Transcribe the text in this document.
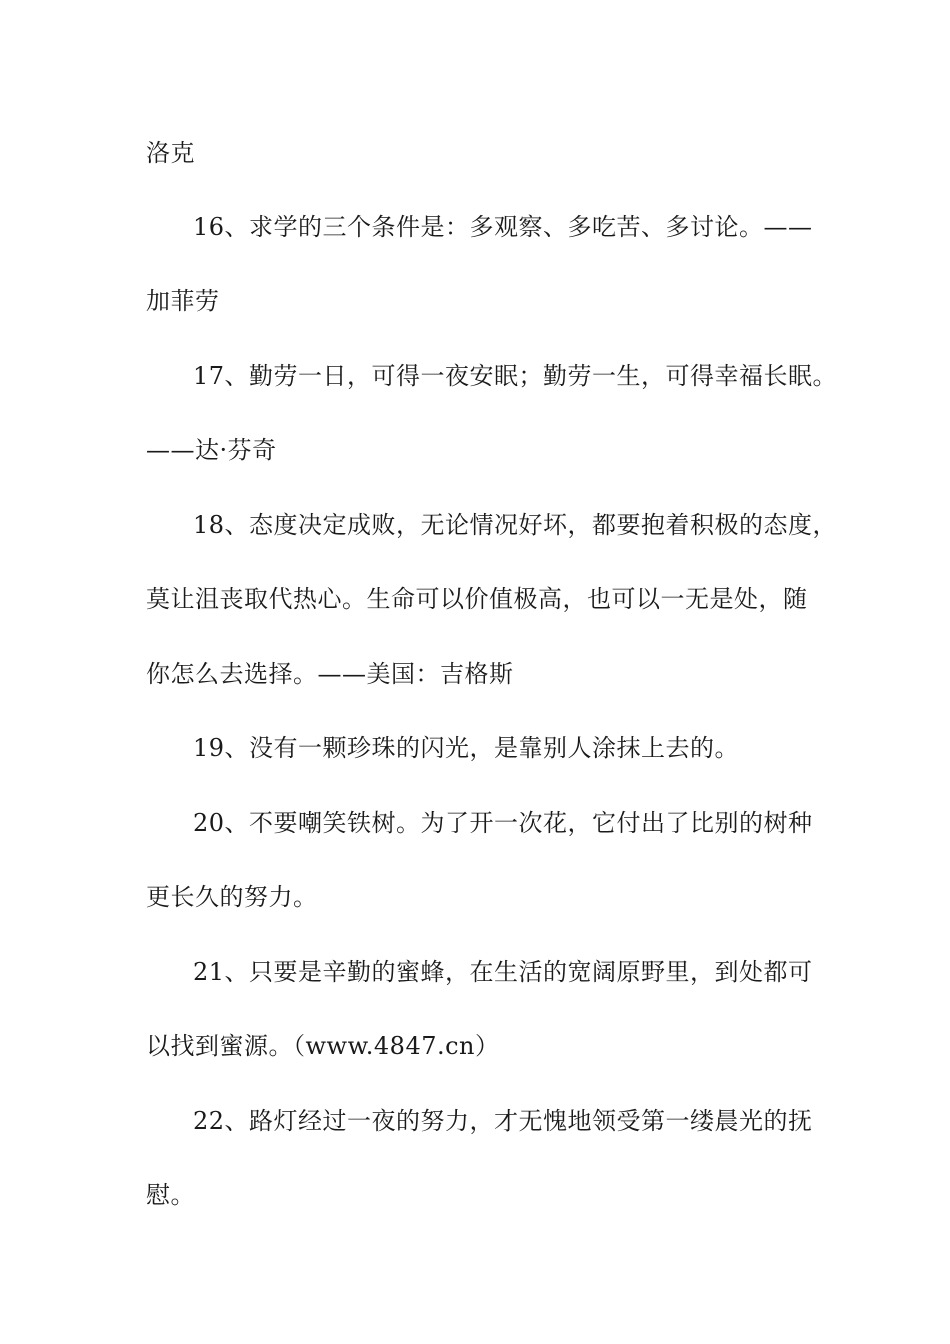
洛克

16、求学的三个条件是：多观察、多吃苦、多讨论。——

加菲劳

17、勤劳一日，可得一夜安眠；勤劳一生，可得幸福长眠。

——达·芬奇

18、态度决定成败，无论情况好坏，都要抱着积极的态度，

莫让沮丧取代热心。生命可以价值极高，也可以一无是处，随

你怎么去选择。——美国：吉格斯

19、没有一颗珍珠的闪光，是靠别人涂抹上去的。

20、不要嘲笑铁树。为了开一次花，它付出了比别的树种

更长久的努力。

21、只要是辛勤的蜜蜂，在生活的宽阔原野里，到处都可

以找到蜜源。（www.4847.cn）

22、路灯经过一夜的努力，才无愧地领受第一缕晨光的抚

慰。
